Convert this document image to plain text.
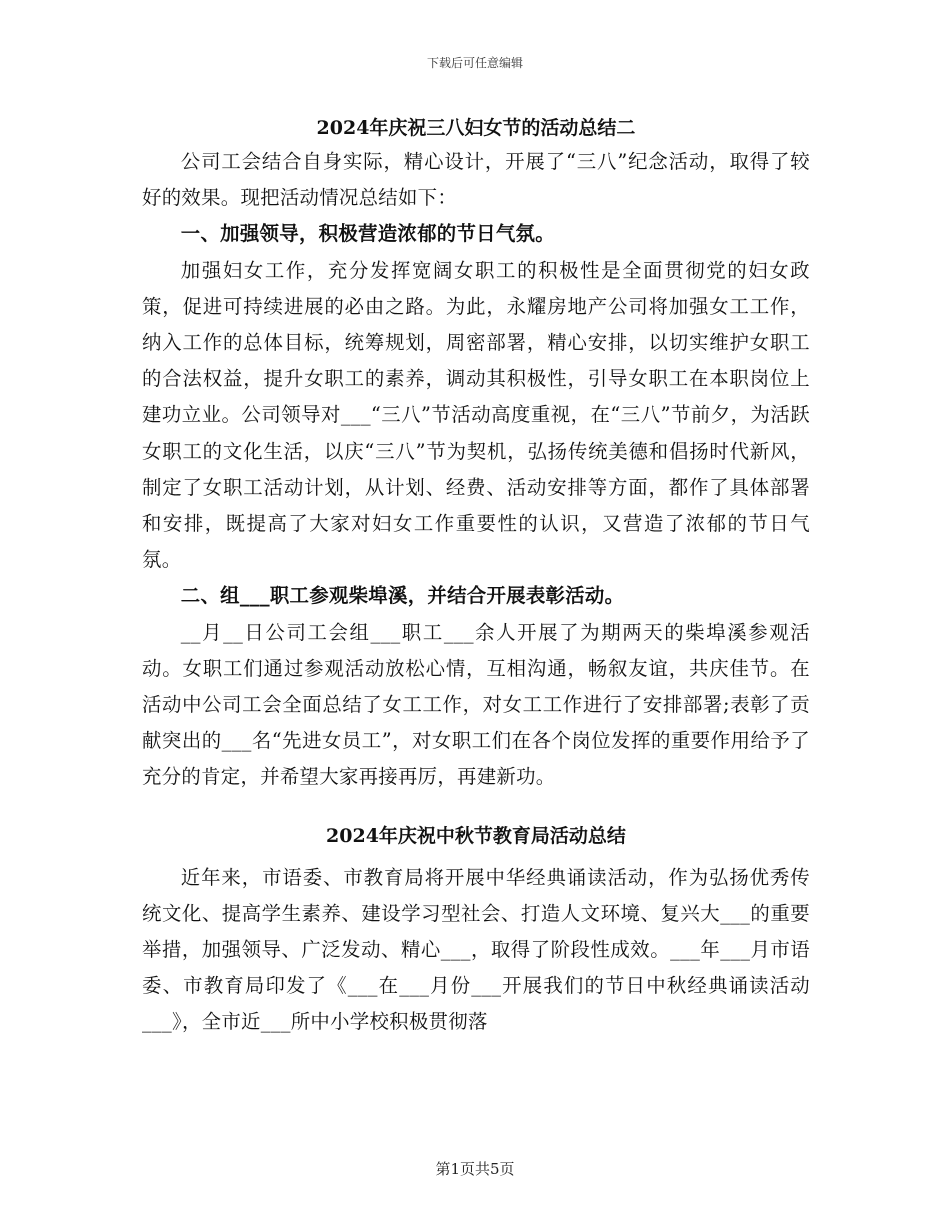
下载后可任意编辑
2024年庆祝三八妇女节的活动总结二

公司工会结合自身实际，精心设计，开展了“三八”纪念活动，取得了较好的效果。现把活动情况总结如下：

一、加强领导，积极营造浓郁的节日气氛。

加强妇女工作，充分发挥宽阔女职工的积极性是全面贯彻党的妇女政策，促进可持续进展的必由之路。为此，永耀房地产公司将加强女工工作，纳入工作的总体目标，统筹规划，周密部署，精心安排，以切实维护女职工的合法权益，提升女职工的素养，调动其积极性，引导女职工在本职岗位上建功立业。公司领导对___“三八”节活动高度重视，在“三八”节前夕，为活跃女职工的文化生活，以庆“三八”节为契机，弘扬传统美德和倡扬时代新风，制定了女职工活动计划，从计划、经费、活动安排等方面，都作了具体部署和安排，既提高了大家对妇女工作重要性的认识，又营造了浓郁的节日气氛。

二、组___职工参观柴埠溪，并结合开展表彰活动。

__月__日公司工会组___职工___余人开展了为期两天的柴埠溪参观活动。女职工们通过参观活动放松心情，互相沟通，畅叙友谊，共庆佳节。在活动中公司工会全面总结了女工工作，对女工工作进行了安排部署;表彰了贡献突出的___名“先进女员工”，对女职工们在各个岗位发挥的重要作用给予了充分的肯定，并希望大家再接再厉，再建新功。

2024年庆祝中秋节教育局活动总结

近年来，市语委、市教育局将开展中华经典诵读活动，作为弘扬优秀传统文化、提高学生素养、建设学习型社会、打造人文环境、复兴大___的重要举措，加强领导、广泛发动、精心___，取得了阶段性成效。___年___月市语委、市教育局印发了《___在___月份___开展我们的节日中秋经典诵读活动___》，全市近___所中小学校积极贯彻落

第1页共5页
